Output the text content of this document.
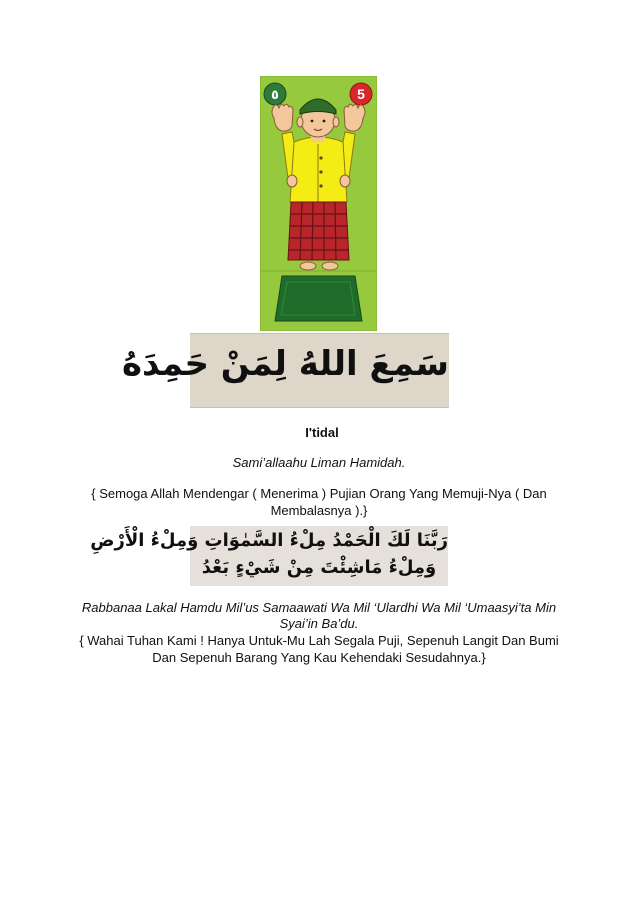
٥	5
سَمِعَ اللهُ لِمَنْ حَمِدَهُ
I'tidal
Sami’allaahu Liman Hamidah.
{ Semoga Allah Mendengar ( Menerima ) Pujian Orang Yang Memuji-Nya ( Dan Membalasnya ).}
رَبَّنَا لَكَ الْحَمْدُ مِلْءُ السَّمٰوَاتِ وَمِلْءُ الْأَرْضِ
وَمِلْءُ مَاشِئْتَ مِنْ شَيْءٍ بَعْدُ
Rabbanaa Lakal Hamdu Mil’us Samaawati Wa Mil ‘Ulardhi Wa Mil ‘Umaasyi’ta Min Syai’in Ba’du.
{ Wahai Tuhan Kami ! Hanya Untuk-Mu Lah Segala Puji, Sepenuh Langit Dan Bumi Dan Sepenuh Barang Yang Kau Kehendaki Sesudahnya.}
